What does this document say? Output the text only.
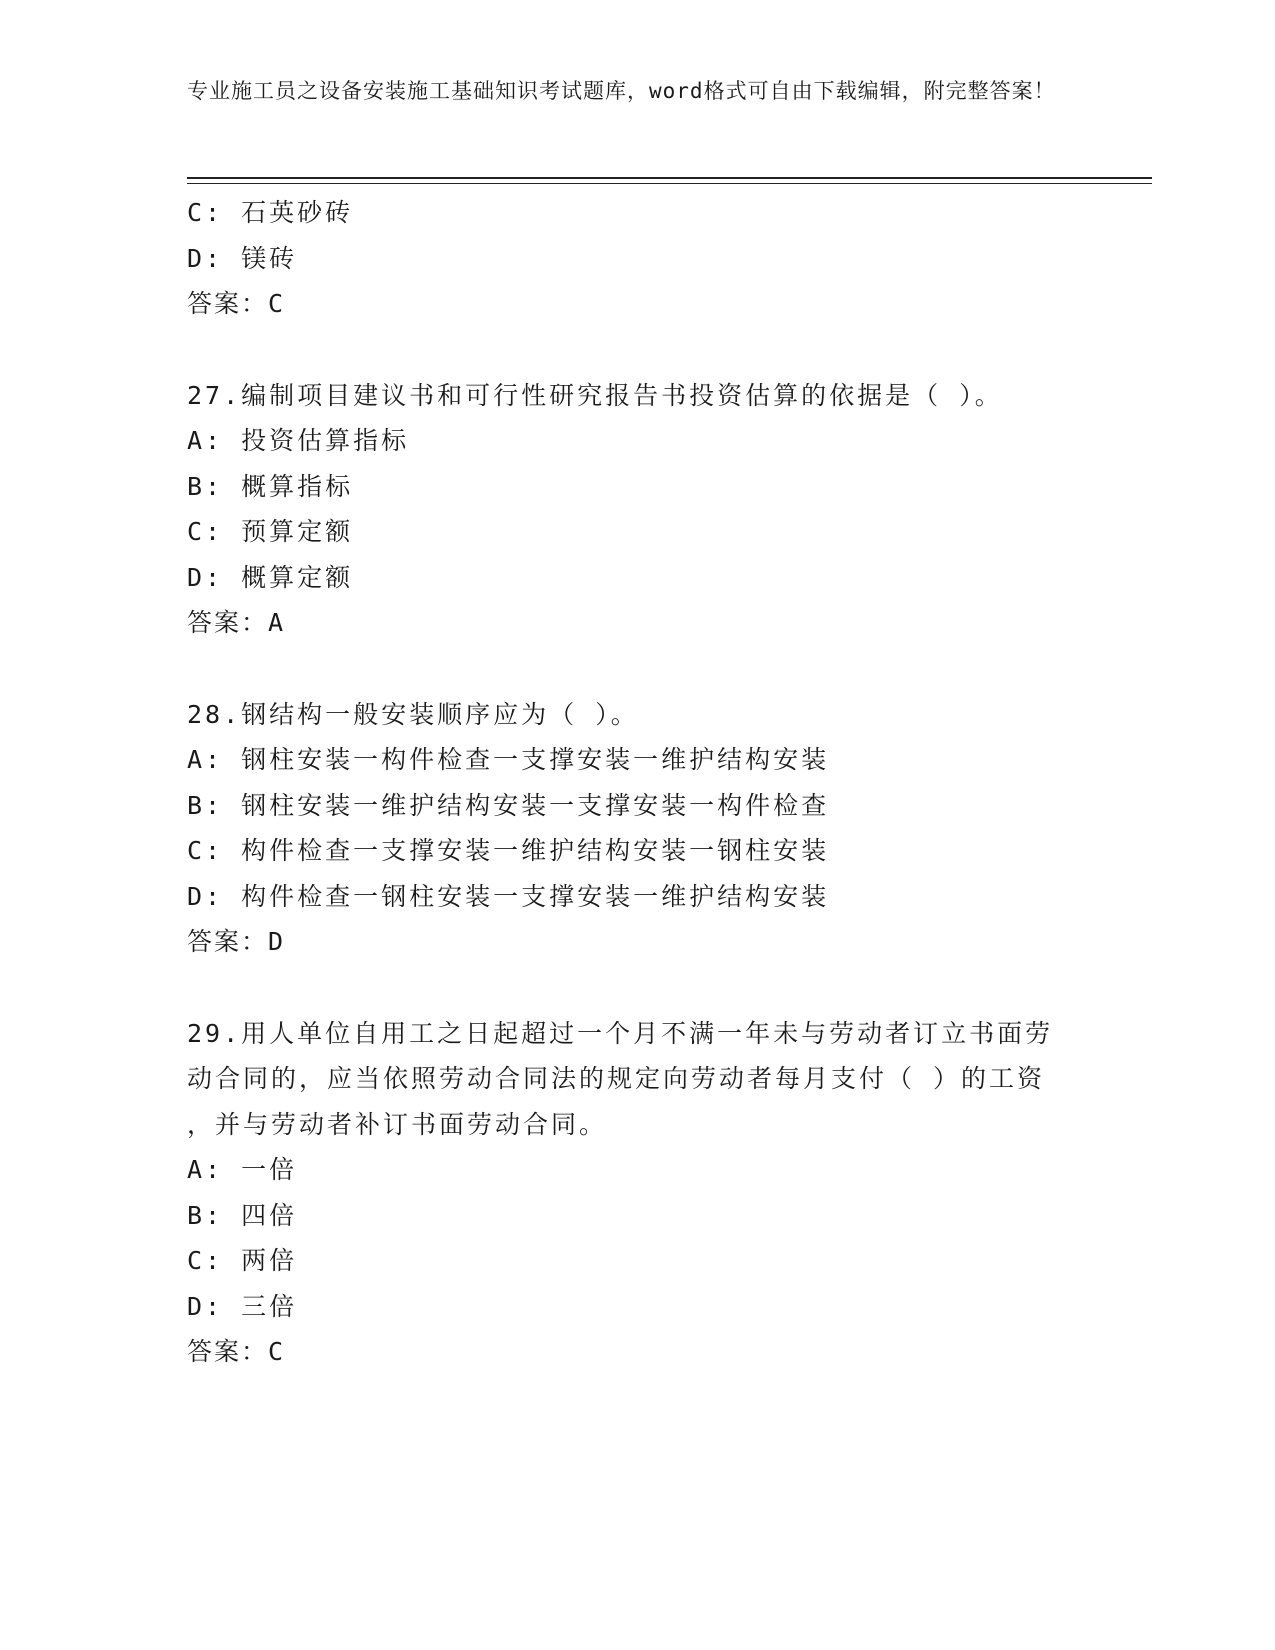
专业施工员之设备安装施工基础知识考试题库，word格式可自由下载编辑，附完整答案！
C: 石英砂砖
D: 镁砖
答案：C
27.编制项目建议书和可行性研究报告书投资估算的依据是（ ）。
A: 投资估算指标
B: 概算指标
C: 预算定额
D: 概算定额
答案：A
28.钢结构一般安装顺序应为（ ）。
A: 钢柱安装一构件检查一支撑安装一维护结构安装
B: 钢柱安装一维护结构安装一支撑安装一构件检查
C: 构件检查一支撑安装一维护结构安装一钢柱安装
D: 构件检查一钢柱安装一支撑安装一维护结构安装
答案：D
29.用人单位自用工之日起超过一个月不满一年未与劳动者订立书面劳
动合同的，应当依照劳动合同法的规定向劳动者每月支付（ ）的工资
，并与劳动者补订书面劳动合同。
A: 一倍
B: 四倍
C: 两倍
D: 三倍
答案：C
